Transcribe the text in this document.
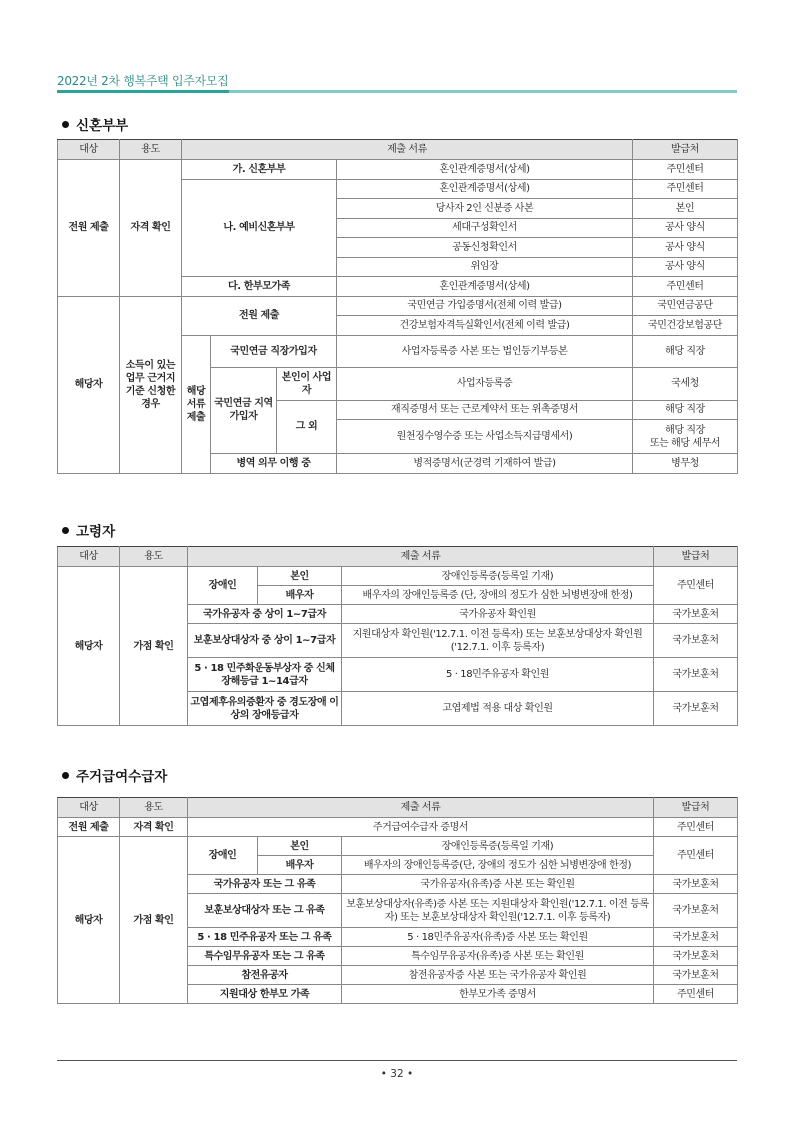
2022년 2차 행복주택 입주자모집
신혼부부
대상	용도	제출 서류				발급처
전원 제출	자격 확인	가. 신혼부부			혼인관계증명서(상세)	주민센터
		나. 예비신혼부부			혼인관계증명서(상세)	주민센터
					당사자 2인 신분증 사본	본인
					세대구성확인서	공사 양식
					공동신청확인서	공사 양식
					위임장	공사 양식
		다. 한부모가족			혼인관계증명서(상세)	주민센터
해당자	소득이 있는 업무 근거지 기준 신청한 경우	전원 제출			국민연금 가입증명서(전체 이력 발급)	국민연금공단
					건강보험자격득실확인서(전체 이력 발급)	국민건강보험공단
		해당 서류 제출	국민연금 직장가입자		사업자등록증 사본 또는 법인등기부등본	해당 직장
			국민연금 지역가입자	본인이 사업자	사업자등록증	국세청
				그 외	재직증명서 또는 근로계약서 또는 위촉증명서	해당 직장
					원천징수영수증 또는 사업소득지급명세서)	해당 직장
또는 해당 세무서
			병역 의무 이행 중		병적증명서(군경력 기재하여 발급)	병무청
고령자
대상	용도	제출 서류			발급처
해당자	가점 확인	장애인	본인	장애인등록증(등록일 기재)	주민센터
			배우자	배우자의 장애인등록증 (단, 장애의 정도가 심한 뇌병변장애 한정)	
		국가유공자 중 상이 1~7급자		국가유공자 확인원	국가보훈처
		보훈보상대상자 중 상이 1~7급자		지원대상자 확인원('12.7.1. 이전 등록자) 또는 보훈보상대상자 확인원('12.7.1. 이후 등록자)	국가보훈처
		5 · 18 민주화운동부상자 중 신체장해등급 1~14급자		5 · 18민주유공자 확인원	국가보훈처
		고엽제후유의증환자 중 경도장애 이상의 장애등급자		고엽제법 적용 대상 확인원	국가보훈처
주거급여수급자
대상	용도	제출 서류			발급처
전원 제출	자격 확인	주거급여수급자 증명서			주민센터
해당자	가점 확인	장애인	본인	장애인등록증(등록일 기재)	주민센터
			배우자	배우자의 장애인등록증(단, 장애의 정도가 심한 뇌병변장애 한정)	
		국가유공자 또는 그 유족		국가유공자(유족)증 사본 또는 확인원	국가보훈처
		보훈보상대상자 또는 그 유족		보훈보상대상자(유족)증 사본 또는 지원대상자 확인원('12.7.1. 이전 등록자) 또는 보훈보상대상자 확인원('12.7.1. 이후 등록자)	국가보훈처
		5 · 18 민주유공자 또는 그 유족		5 · 18민주유공자(유족)증 사본 또는 확인원	국가보훈처
		특수임무유공자 또는 그 유족		특수임무유공자(유족)증 사본 또는 확인원	국가보훈처
		참전유공자		참전유공자증 사본 또는 국가유공자 확인원	국가보훈처
		지원대상 한부모 가족		한부모가족 증명서	주민센터
• 32 •
